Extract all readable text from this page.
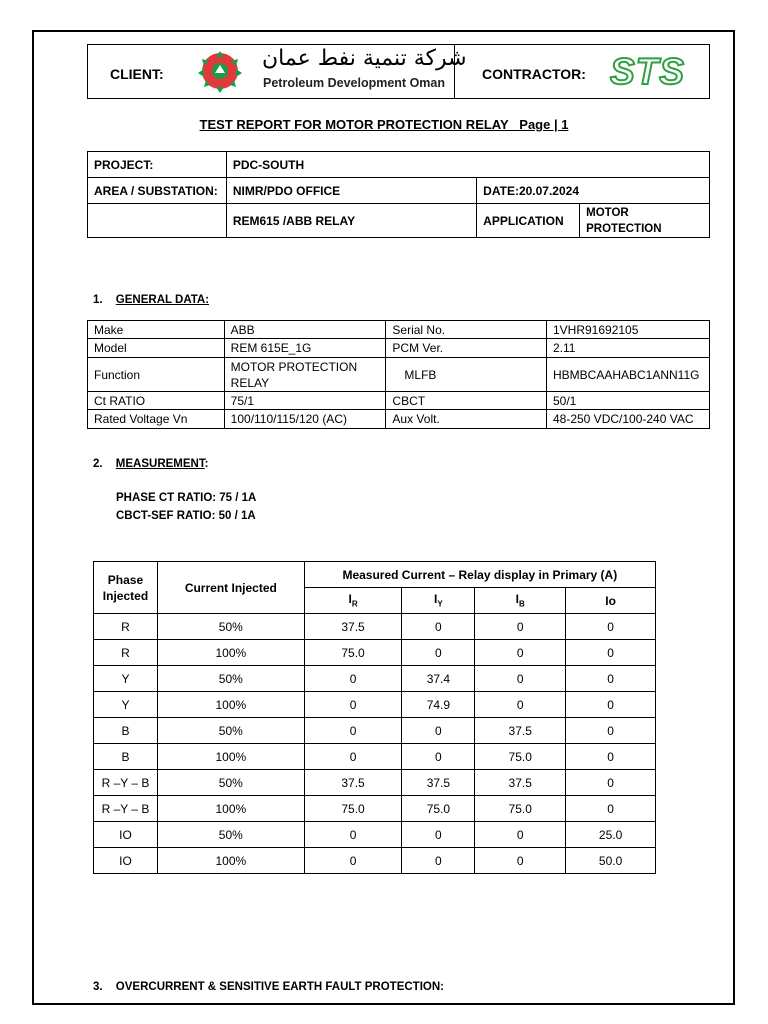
CLIENT:
شركة تنمية نفط عمان
Petroleum Development Oman
CONTRACTOR: STS
TEST REPORT FOR MOTOR PROTECTION RELAY   Page | 1
PROJECT:	PDC-SOUTH		
AREA / SUBSTATION:	NIMR/PDO OFFICE	DATE:20.07.2024	
	REM615 /ABB RELAY	APPLICATION	MOTOR PROTECTION
1. GENERAL DATA:
Make	ABB	Serial No.	1VHR91692105
Model	REM 615E_1G	PCM Ver.	2.11
Function	MOTOR PROTECTION RELAY	MLFB	HBMBCAAHABC1ANN11G
Ct RATIO	75/1	CBCT	50/1
Rated Voltage Vn	100/110/115/120 (AC)	Aux Volt.	48-250 VDC/100-240 VAC
2. MEASUREMENT:
PHASE CT RATIO: 75 / 1A
CBCT-SEF RATIO: 50 / 1A
Phase Injected	Current Injected	Measured Current – Relay display in Primary (A)			
		$I_R$	$I_Y$	$I_B$	Io
R	50%	37.5	0	0	0
R	100%	75.0	0	0	0
Y	50%	0	37.4	0	0
Y	100%	0	74.9	0	0
B	50%	0	0	37.5	0
B	100%	0	0	75.0	0
R –Y – B	50%	37.5	37.5	37.5	0
R –Y – B	100%	75.0	75.0	75.0	0
IO	50%	0	0	0	25.0
IO	100%	0	0	0	50.0
3. OVERCURRENT & SENSITIVE EARTH FAULT PROTECTION:
